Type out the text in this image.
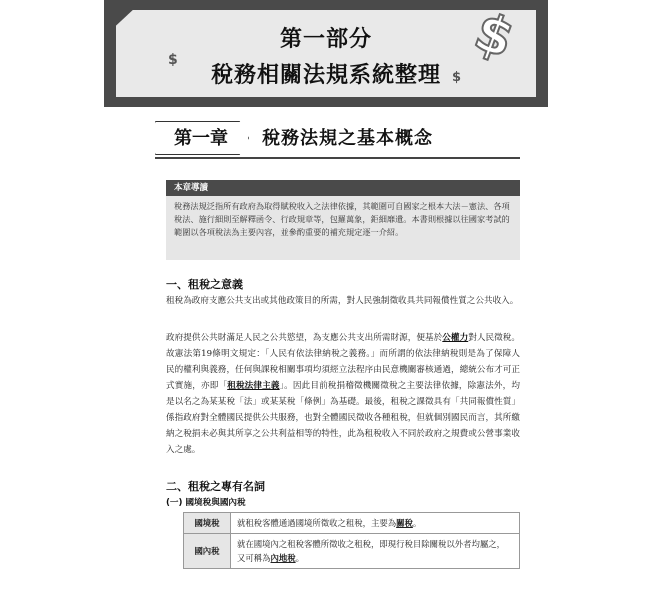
第一部分
稅務相關法規系統整理
$
$
$
第一章	稅務法規之基本概念
本章導讀
稅務法規泛指所有政府為取得賦稅收入之法律依據，其範圍可自國家之根本大法－憲法、各項稅法、施行細則至解釋函令、行政規章等，包羅萬象，鉅細靡遺。本書則根據以往國家考試的範圍以各項稅法為主要內容，並參酌重要的補充規定逐一介紹。
一、租稅之意義
租稅為政府支應公共支出或其他政策目的所需，對人民強制徵收具共同報償性質之公共收入。
政府提供公共財滿足人民之公共慾望，為支應公共支出所需財源，便基於公權力對人民徵稅。故憲法第19條明文規定：「人民有依法律納稅之義務。」而所謂的依法律納稅則是為了保障人民的權利與義務，任何與課稅相關事項均須經立法程序由民意機關審核通過，總統公布才可正式實施，亦即「租稅法律主義」。因此目前稅捐稽徵機關徵稅之主要法律依據，除憲法外，均是以名之為某某稅「法」或某某稅「條例」為基礎。最後，租稅之課徵具有「共同報償性質」係指政府對全體國民提供公共服務，也對全體國民徵收各種租稅，但就個別國民而言，其所繳納之稅捐未必與其所享之公共利益相等的特性，此為租稅收入不同於政府之規費或公營事業收入之處。
二、租稅之專有名詞
(一) 國境稅與國內稅
國境稅	就租稅客體通過國境所徵收之租稅，主要為關稅。
國內稅	就在國境內之租稅客體所徵收之租稅，即現行稅目除關稅以外者均屬之，又可稱為內地稅。
